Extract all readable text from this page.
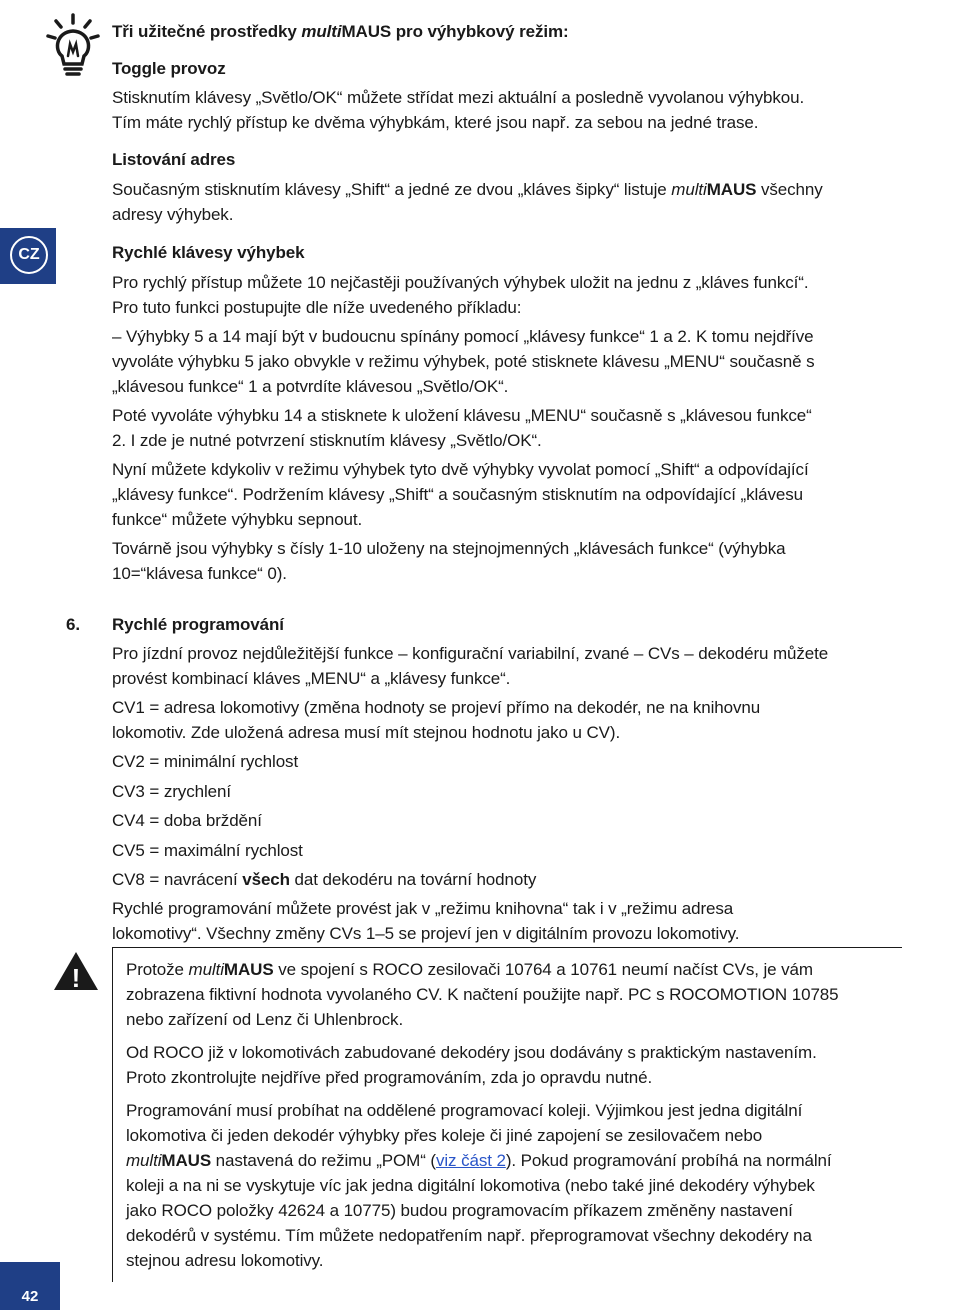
CZ
42
Tři užitečné prostředky multiMAUS pro výhybkový režim:
Toggle provoz
Stisknutím klávesy „Světlo/OK“ můžete střídat mezi aktuální a posledně vyvolanou výhybkou.
Tím máte rychlý přístup ke dvěma výhybkám, které jsou např. za sebou na jedné trase.
Listování adres
Současným stisknutím klávesy „Shift“ a jedné ze dvou „kláves šipky“ listuje multiMAUS všechny
adresy výhybek.
Rychlé klávesy výhybek
Pro rychlý přístup můžete 10 nejčastěji používaných výhybek uložit na jednu z „kláves funkcí“.
Pro tuto funkci postupujte dle níže uvedeného příkladu:
– Výhybky 5 a 14 mají být v budoucnu spínány pomocí „klávesy funkce“ 1 a 2. K tomu nejdříve
vyvoláte výhybku 5 jako obvykle v režimu výhybek, poté stisknete klávesu „MENU“ současně s
„klávesou funkce“ 1 a potvrdíte klávesou „Světlo/OK“.
Poté vyvoláte výhybku 14 a stisknete k uložení klávesu „MENU“ současně s „klávesou funkce“
2. I zde je nutné potvrzení stisknutím klávesy „Světlo/OK“.
Nyní můžete kdykoliv v režimu výhybek tyto dvě výhybky vyvolat pomocí „Shift“ a odpovídající
„klávesy funkce“. Podržením klávesy „Shift“ a současným stisknutím na odpovídající „klávesu
funkce“ můžete výhybku sepnout.
Továrně jsou výhybky s čísly 1-10 uloženy na stejnojmenných „klávesách funkce“ (výhybka
10=“klávesa funkce“ 0).
6. Rychlé programování
Pro jízdní provoz nejdůležitější funkce – konfigurační variabilní, zvané – CVs – dekodéru můžete
provést kombinací kláves „MENU“ a „klávesy funkce“.
CV1 = adresa lokomotivy (změna hodnoty se projeví přímo na dekodér, ne na knihovnu
lokomotiv. Zde uložená adresa musí mít stejnou hodnotu jako u CV).
CV2 = minimální rychlost
CV3 = zrychlení
CV4 = doba brždění
CV5 = maximální rychlost
CV8 = navrácení všech dat dekodéru na tovární hodnoty
Rychlé programování můžete provést jak v „režimu knihovna“ tak i v „režimu adresa
lokomotivy“. Všechny změny CVs 1–5 se projeví jen v digitálním provozu lokomotivy.
!	Protože multiMAUS ve spojení s ROCO zesilovači 10764 a 10761 neumí načíst CVs, je vám
zobrazena fiktivní hodnota vyvolaného CV. K načtení použijte např. PC s ROCOMOTION 10785
nebo zařízení od Lenz či Uhlenbrock.
Od ROCO již v lokomotivách zabudované dekodéry jsou dodávány s praktickým nastavením.
Proto zkontrolujte nejdříve před programováním, zda jo opravdu nutné.
Programování musí probíhat na oddělené programovací koleji. Výjimkou jest jedna digitální
lokomotiva či jeden dekodér výhybky přes koleje či jiné zapojení se zesilovačem nebo
multiMAUS nastavená do režimu „POM“ (viz část 2). Pokud programování probíhá na normální
koleji a na ni se vyskytuje víc jak jedna digitální lokomotiva (nebo také jiné dekodéry výhybek
jako ROCO položky 42624 a 10775) budou programovacím příkazem změněny nastavení
dekodérů v systému. Tím můžete nedopatřením např. přeprogramovat všechny dekodéry na
stejnou adresu lokomotivy.
